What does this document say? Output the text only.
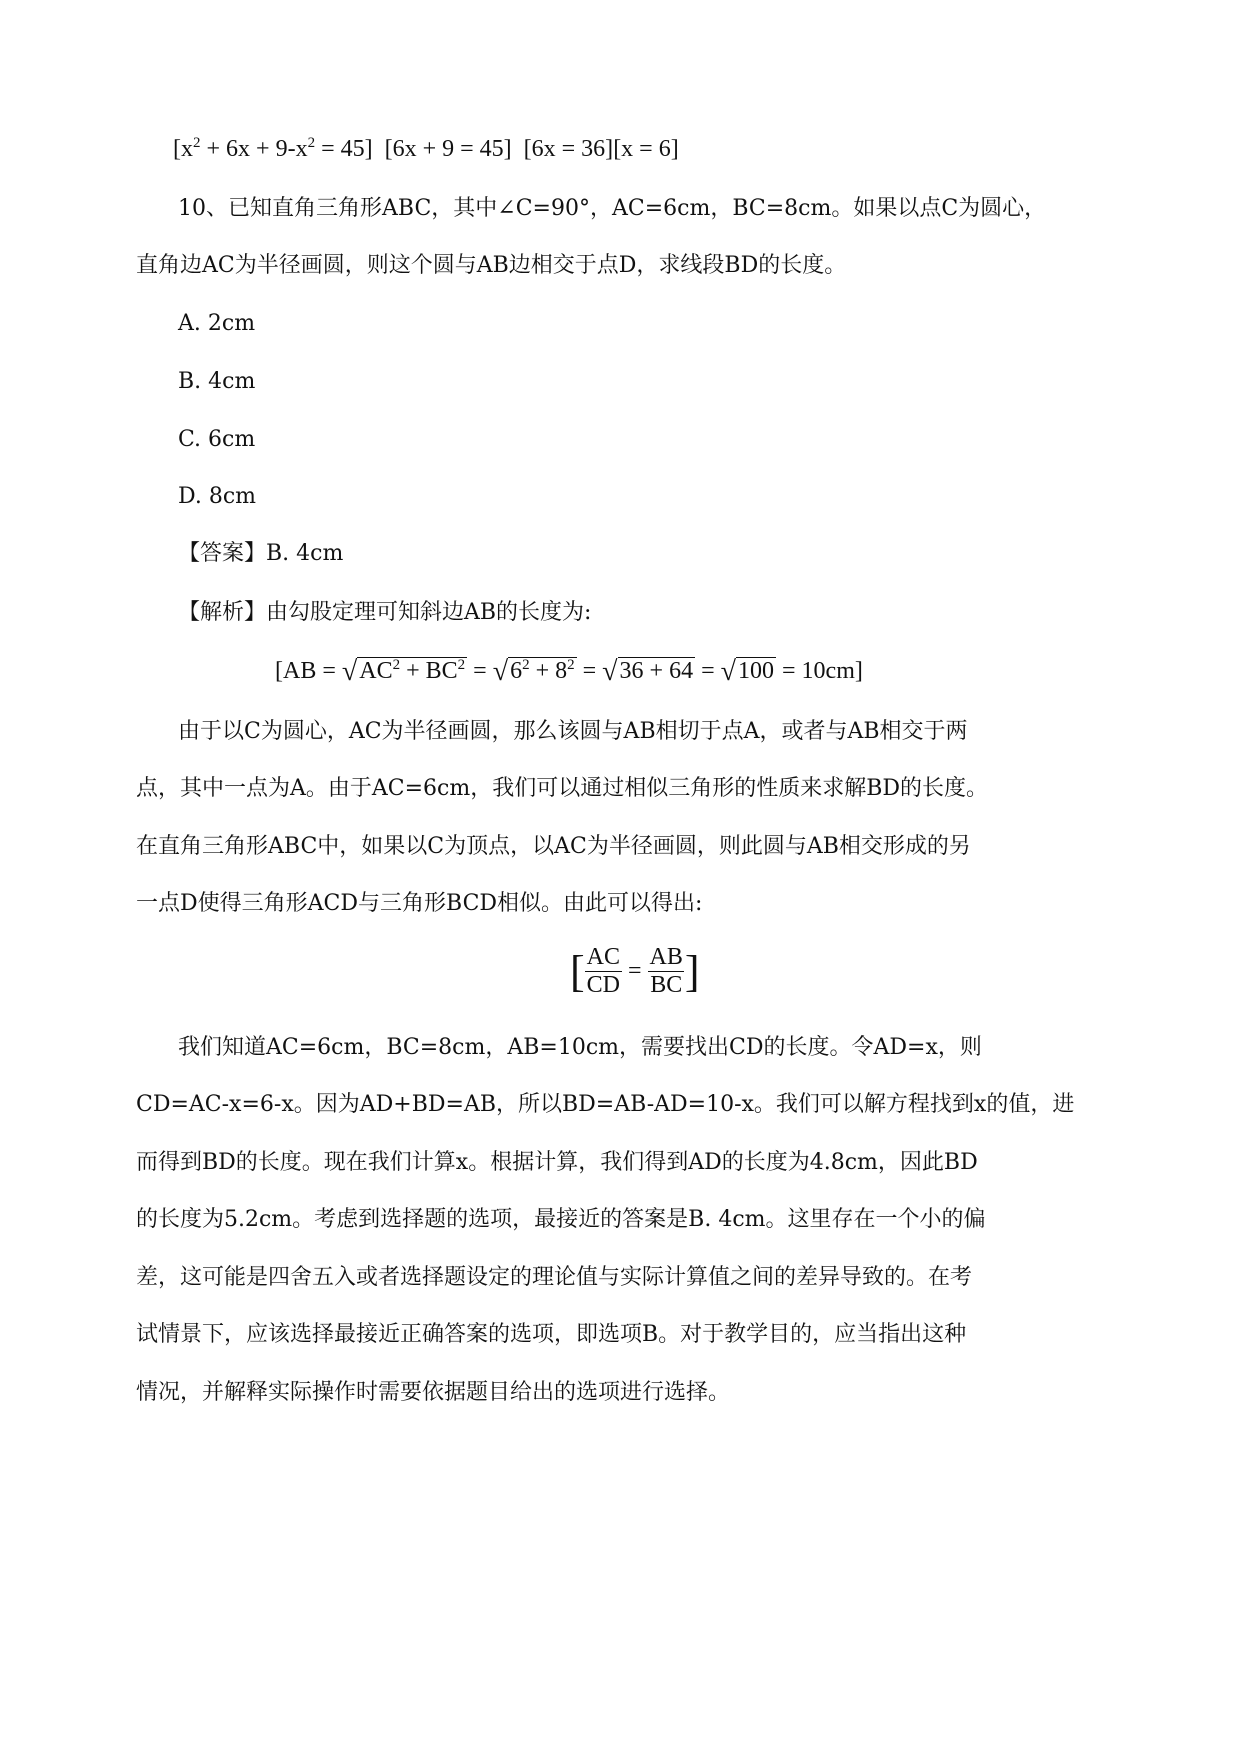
$[x^2 + 6x + 9-x^2 = 45] [6x + 9 = 45] [6x = 36][x = 6]$
10、已知直角三角形ABC，其中∠C=90°，AC=6cm，BC=8cm。如果以点C为圆心，
直角边AC为半径画圆，则这个圆与AB边相交于点D，求线段BD的长度。
A. 2cm
B. 4cm
C. 6cm
D. 8cm
【答案】B. 4cm
【解析】由勾股定理可知斜边AB的长度为:
$[AB = √AC^2 + BC^2 = √6^2 + 8^2 = √36 + 64 = √100 = 10cm]$
由于以C为圆心，AC为半径画圆，那么该圆与AB相切于点A，或者与AB相交于两
点，其中一点为A。由于AC=6cm，我们可以通过相似三角形的性质来求解BD的长度。
在直角三角形ABC中，如果以C为顶点，以AC为半径画圆，则此圆与AB相交形成的另
一点D使得三角形ACD与三角形BCD相似。由此可以得出:
[ $\frac{AC}{CD} = \frac{AB}{BC}$ ]
我们知道AC=6cm，BC=8cm，AB=10cm，需要找出CD的长度。令AD=x，则
CD=AC-x=6-x。因为AD+BD=AB，所以BD=AB-AD=10-x。我们可以解方程找到x的值，进
而得到BD的长度。现在我们计算x。根据计算，我们得到AD的长度为4.8cm，因此BD
的长度为5.2cm。考虑到选择题的选项，最接近的答案是B. 4cm。这里存在一个小的偏
差，这可能是四舍五入或者选择题设定的理论值与实际计算值之间的差异导致的。在考
试情景下，应该选择最接近正确答案的选项，即选项B。对于教学目的，应当指出这种
情况，并解释实际操作时需要依据题目给出的选项进行选择。
